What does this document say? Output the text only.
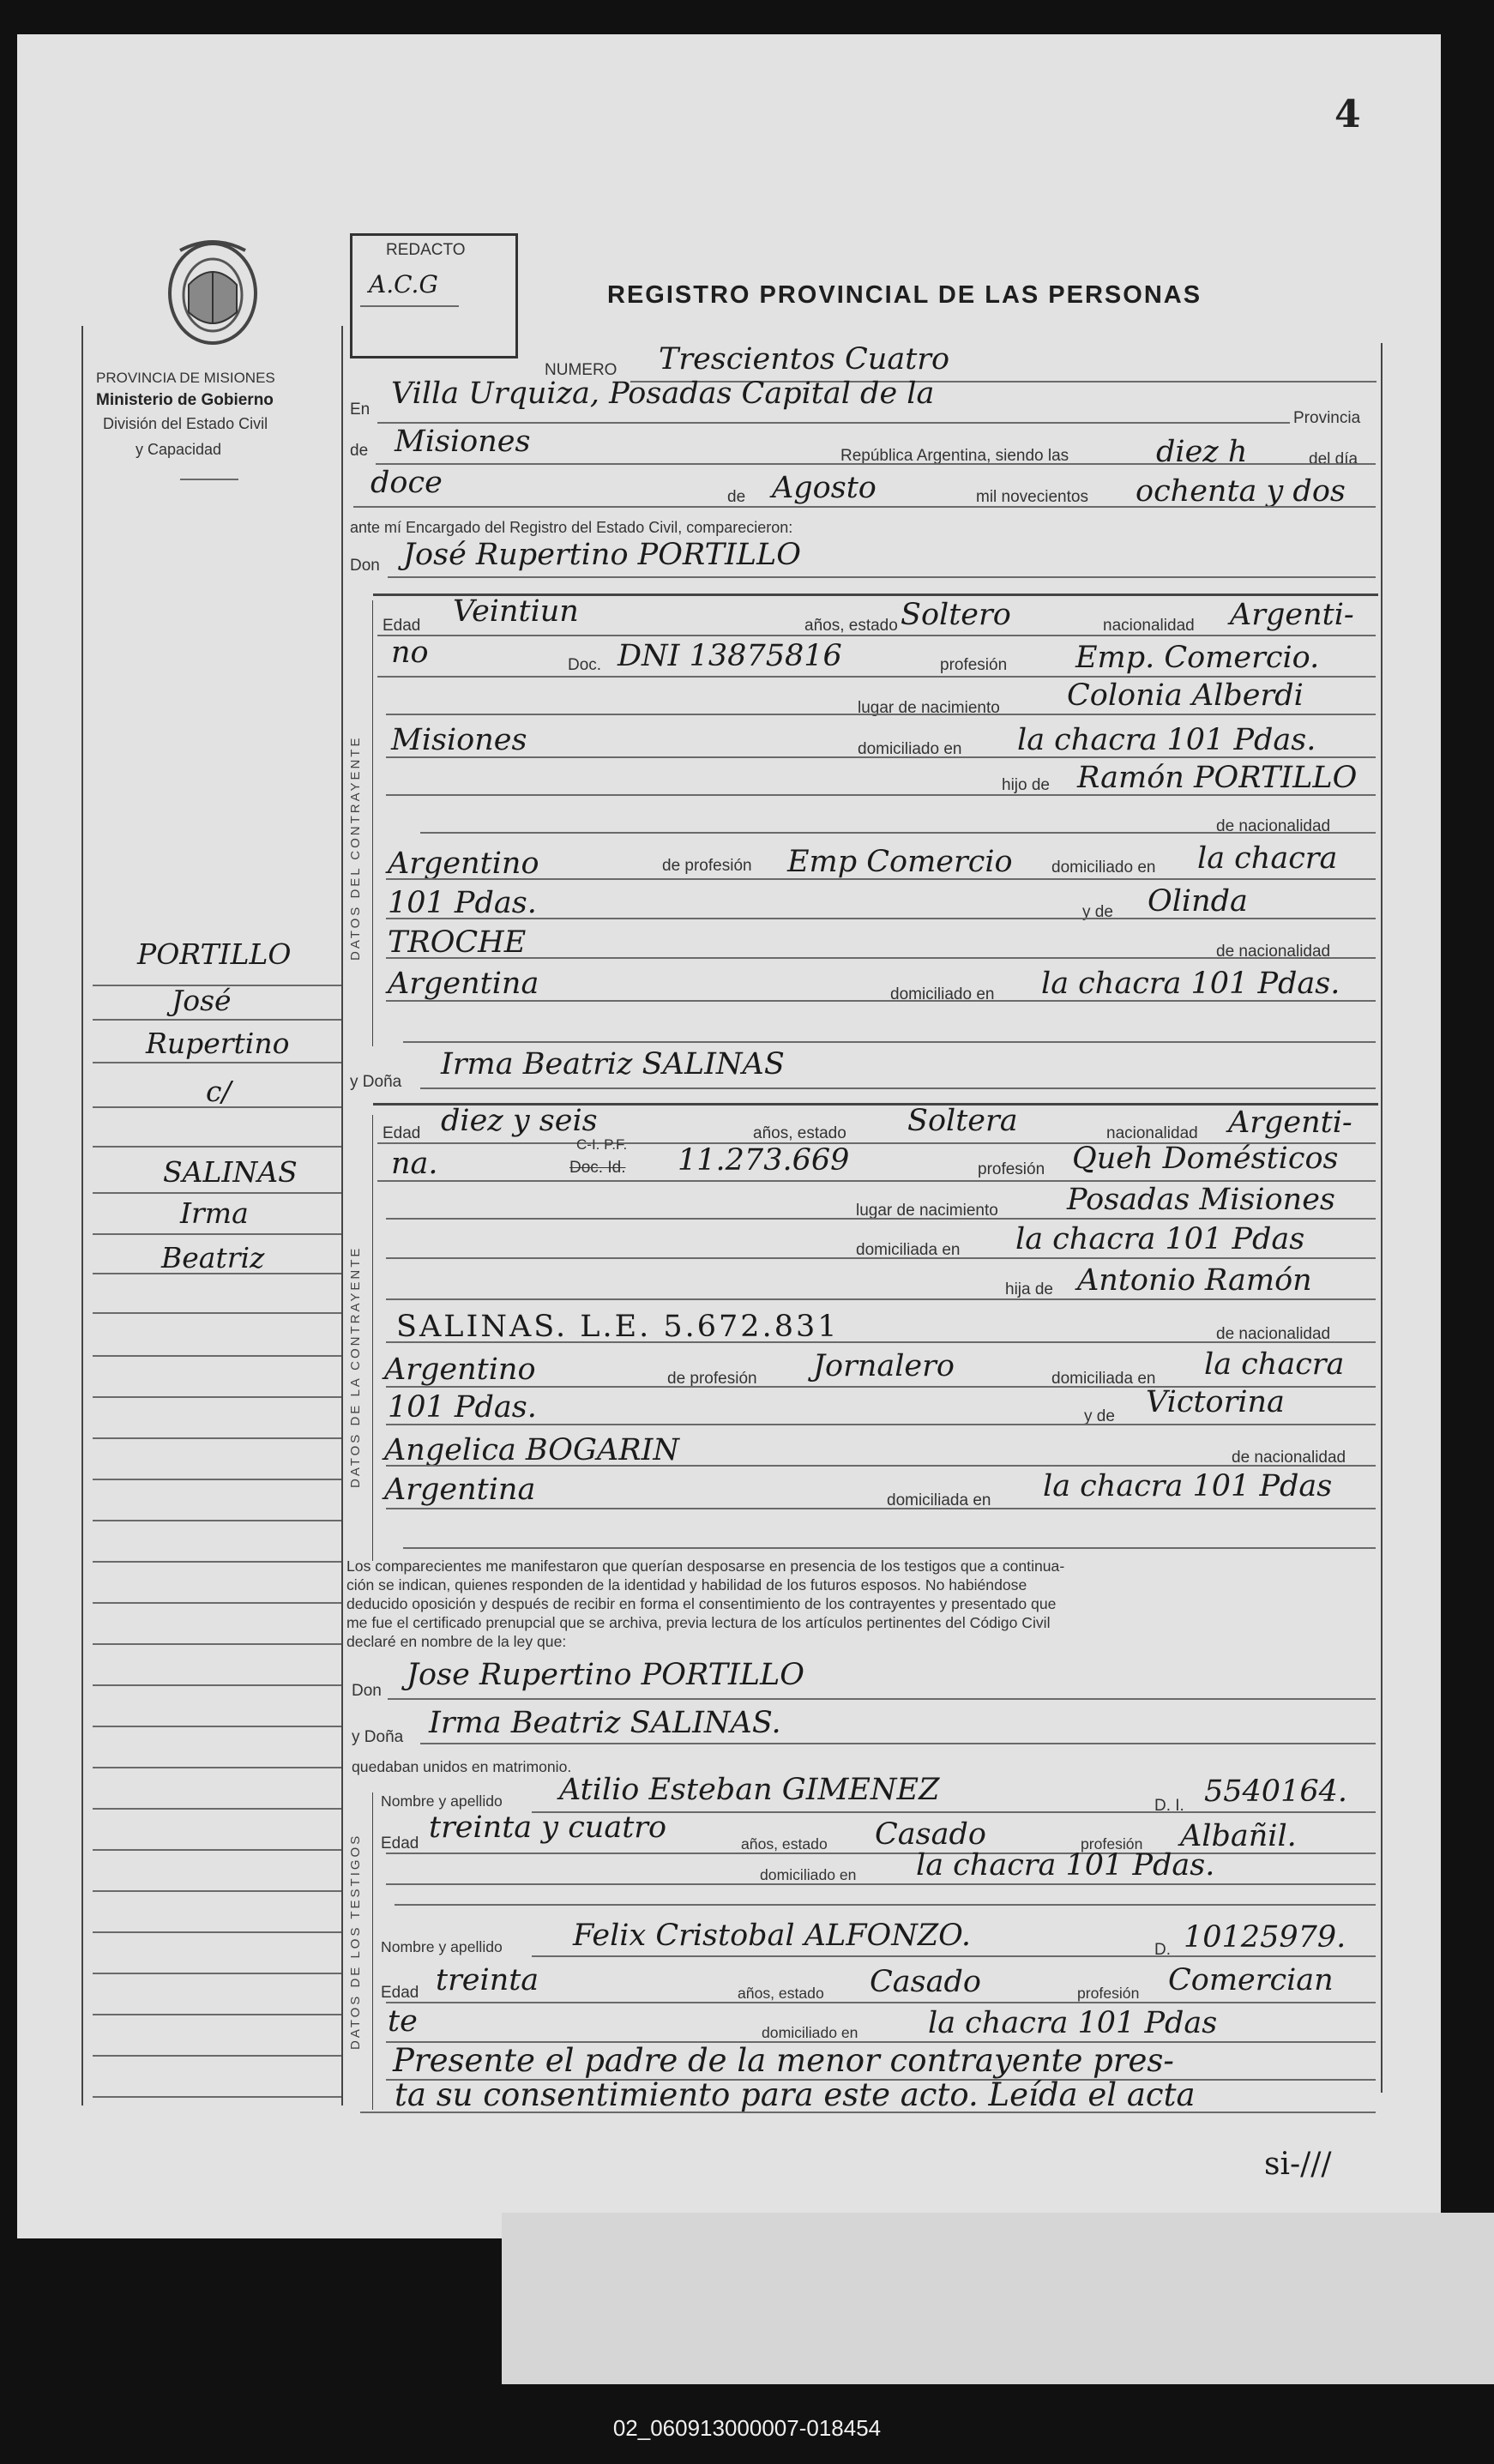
4
PROVINCIA DE MISIONES
Ministerio de Gobierno
División del Estado Civil
y Capacidad
REDACTO
A.C.G	REGISTRO PROVINCIAL DE LAS PERSONAS
DATOS DEL CONTRAYENTE
DATOS DE LA CONTRAYENTE
DATOS DE LOS TESTIGOS
PORTILLO
José
Rupertino
c/
SALINAS
Irma
Beatriz
NUMERO Trescientos Cuatro
En Villa Urquiza, Posadas Capital de la
Provincia
de Misiones	República Argentina, siendo las	diez h	del día
doce	de Agosto	mil novecientos ochenta y dos
ante mí Encargado del Registro del Estado Civil, comparecieron:
Don José Rupertino PORTILLO
Edad Veintiun	años, estado Soltero	nacionalidad Argenti-
no	Doc. DNI 13875816	profesión Emp. Comercio.
lugar de nacimiento Colonia Alberdi
Misiones	domiciliado en la chacra 101 Pdas.
hijo de Ramón PORTILLO
de nacionalidad
Argentino	de profesión Emp Comercio domiciliado en la chacra
101 Pdas.	y de Olinda
TROCHE	de nacionalidad
Argentina	domiciliado en la chacra 101 Pdas.
y Doña
Irma Beatriz SALINAS
Edad diez y seis	años, estado Soltera	nacionalidad Argenti-
na.
C-I. P.F.
Doc. Id. 11.273.669	profesión Queh Domésticos
lugar de nacimiento Posadas Misiones
domiciliada en la chacra 101 Pdas
hija de Antonio Ramón
SALINAS. L.E. 5.672.831	de nacionalidad
Argentino	de profesión Jornalero	domiciliada en la chacra
101 Pdas.	y de Victorina
Angelica BOGARIN	de nacionalidad
Argentina	domiciliada en la chacra 101 Pdas
Los comparecientes me manifestaron que querían desposarse en presencia de los testigos que a continua-
ción se indican, quienes responden de la identidad y habilidad de los futuros esposos. No habiéndose
deducido oposición y después de recibir en forma el consentimiento de los contrayentes y presentado que
me fue el certificado prenupcial que se archiva, previa lectura de los artículos pertinentes del Código Civil
declaré en nombre de la ley que:
Don Jose Rupertino PORTILLO
y Doña Irma Beatriz SALINAS.
quedaban unidos en matrimonio.
Nombre y apellido Atilio Esteban GIMENEZ	D. I. 5540164.
Edad treinta y cuatro	años, estado Casado	profesión Albañil.
domiciliado en la chacra 101 Pdas.
Nombre y apellido Felix Cristobal ALFONZO.	D. 10125979.
Edad treinta	años, estado Casado	profesión Comercian
te	domiciliado en la chacra 101 Pdas
Presente el padre de la menor contrayente pres-
ta su consentimiento para este acto. Leída el acta
si-///
02_060913000007-018454
